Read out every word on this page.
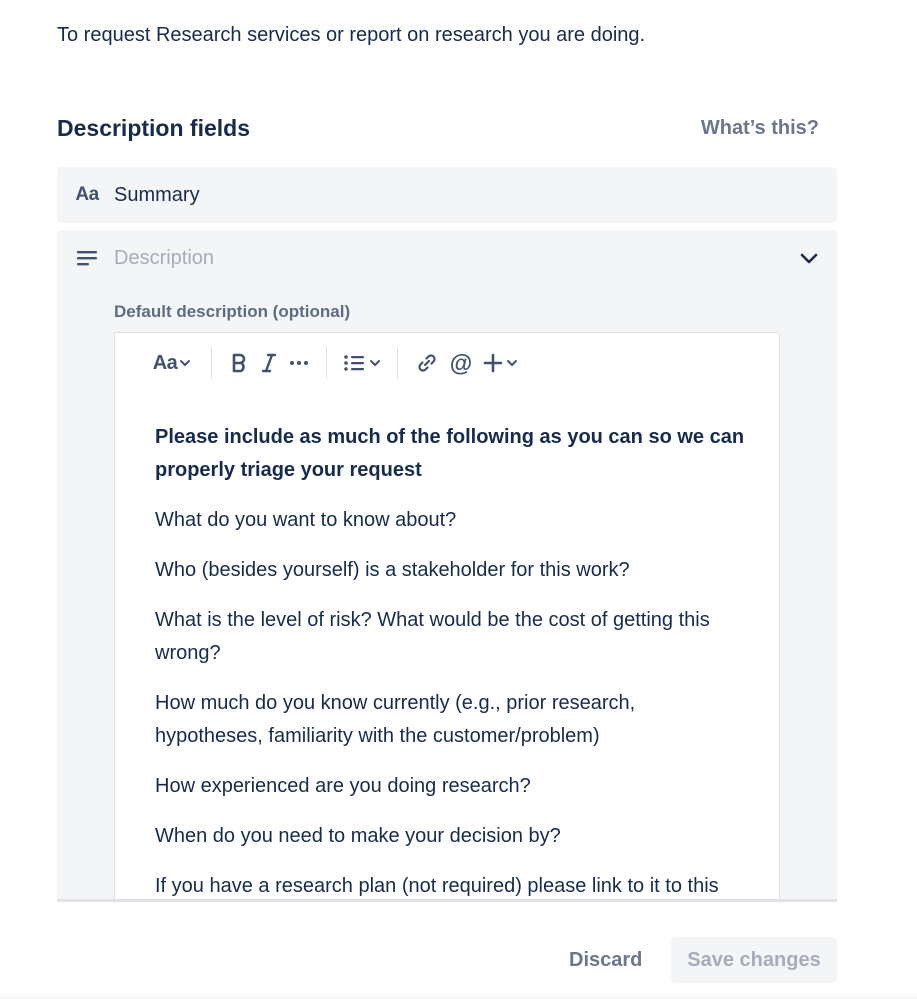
To request Research services or report on research you are doing.
Description fields	What’s this?
Aa Summary
Description
Default description (optional)
Aa	@

Please include as much of the following as you can so we can properly triage your request

What do you want to know about?

Who (besides yourself) is a stakeholder for this work?

What is the level of risk? What would be the cost of getting this wrong?

How much do you know currently (e.g., prior research, hypotheses, familiarity with the customer/problem)

How experienced are you doing research?

When do you need to make your decision by?

If you have a research plan (not required) please link to it to this

Discard	Save changes
